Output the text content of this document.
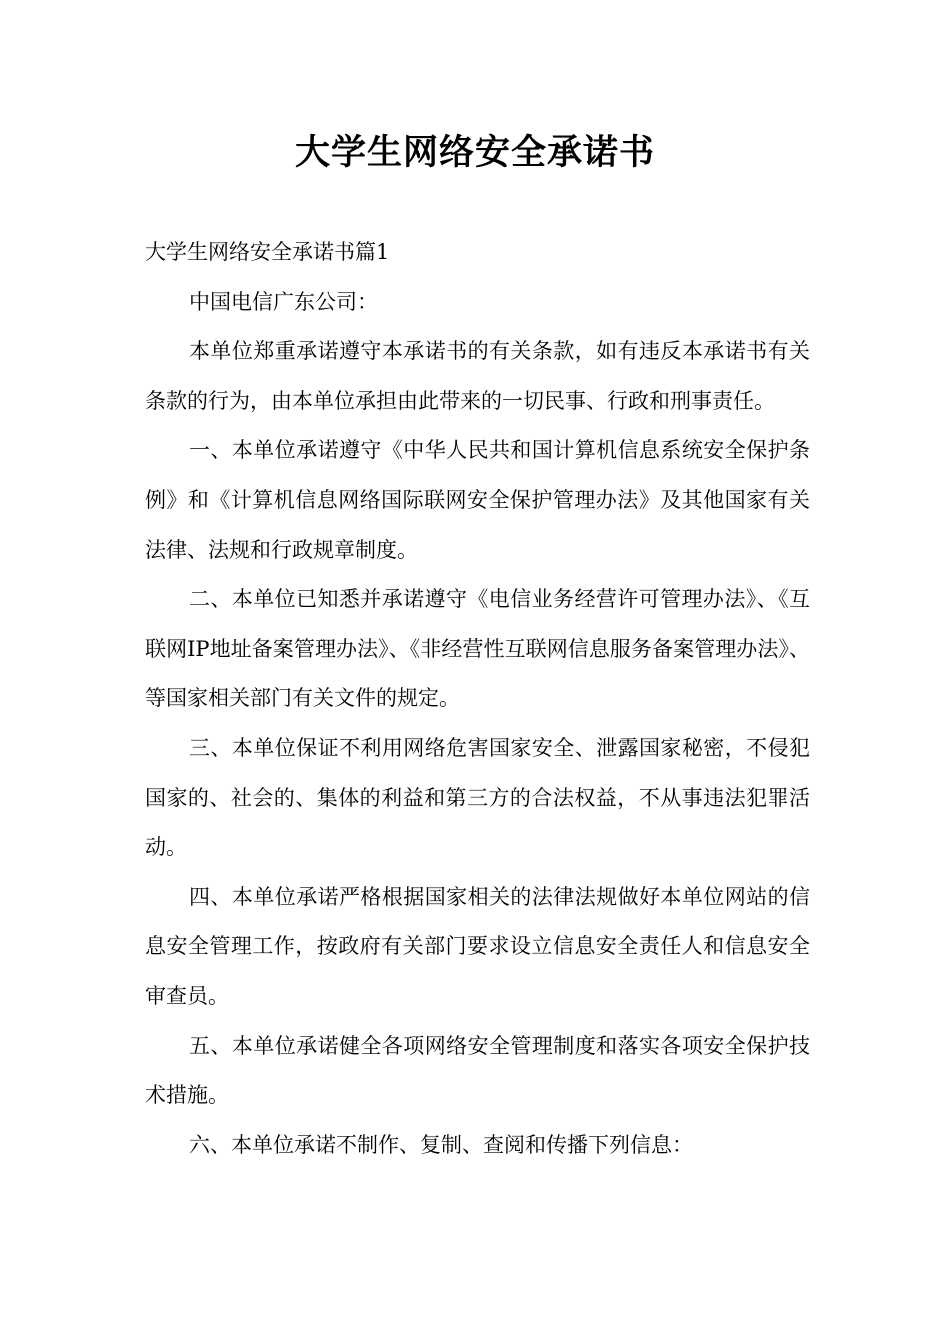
大学生网络安全承诺书

大学生网络安全承诺书篇1

中国电信广东公司：

本单位郑重承诺遵守本承诺书的有关条款，如有违反本承诺书有关条款的行为，由本单位承担由此带来的一切民事、行政和刑事责任。

一、本单位承诺遵守《中华人民共和国计算机信息系统安全保护条例》和《计算机信息网络国际联网安全保护管理办法》及其他国家有关法律、法规和行政规章制度。

二、本单位已知悉并承诺遵守《电信业务经营许可管理办法》、《互联网IP地址备案管理办法》、《非经营性互联网信息服务备案管理办法》、等国家相关部门有关文件的规定。

三、本单位保证不利用网络危害国家安全、泄露国家秘密，不侵犯国家的、社会的、集体的利益和第三方的合法权益，不从事违法犯罪活动。

四、本单位承诺严格根据国家相关的法律法规做好本单位网站的信息安全管理工作，按政府有关部门要求设立信息安全责任人和信息安全审查员。

五、本单位承诺健全各项网络安全管理制度和落实各项安全保护技术措施。

六、本单位承诺不制作、复制、查阅和传播下列信息：
